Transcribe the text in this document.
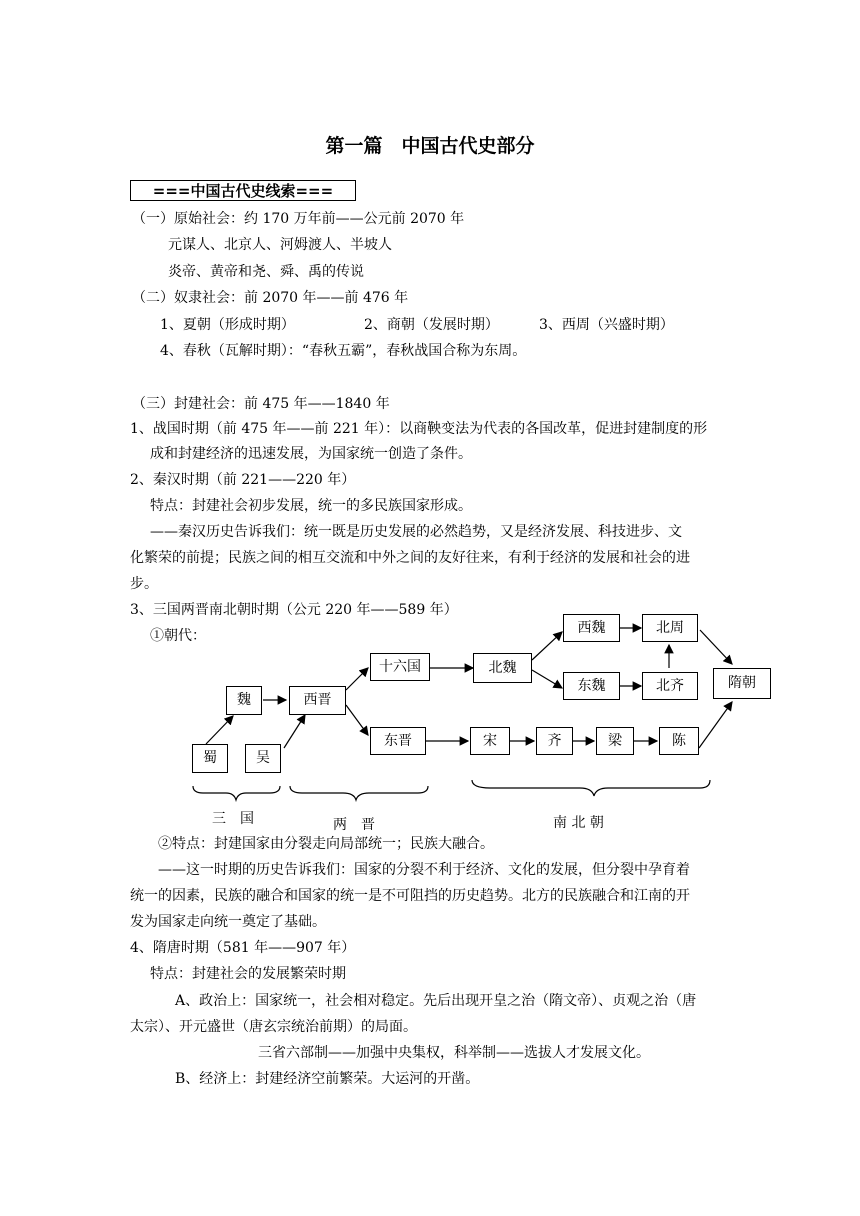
第一篇　中国古代史部分
===中国古代史线索===
（一）原始社会：约 170 万年前——公元前 2070 年
元谋人、北京人、河姆渡人、半坡人
炎帝、黄帝和尧、舜、禹的传说
（二）奴隶社会：前 2070 年——前 476 年
1、夏朝（形成时期）	2、商朝（发展时期）	3、西周（兴盛时期）
4、春秋（瓦解时期）：“春秋五霸”，春秋战国合称为东周。
（三）封建社会：前 475 年——1840 年
1、战国时期（前 475 年——前 221 年）：以商鞅变法为代表的各国改革，促进封建制度的形
成和封建经济的迅速发展，为国家统一创造了条件。
2、秦汉时期（前 221——220 年）
特点：封建社会初步发展，统一的多民族国家形成。
——秦汉历史告诉我们：统一既是历史发展的必然趋势，又是经济发展、科技进步、文
化繁荣的前提；民族之间的相互交流和中外之间的友好往来，有利于经济的发展和社会的进
步。
3、三国两晋南北朝时期（公元 220 年——589 年）
①朝代：
魏
蜀	吴
西晋
十六国
东晋
北魏
西魏
东魏
北周
北齐	隋朝
宋	齐	梁	陈
三　国	两　晋	南 北 朝
②特点：封建国家由分裂走向局部统一；民族大融合。
——这一时期的历史告诉我们：国家的分裂不利于经济、文化的发展，但分裂中孕育着
统一的因素，民族的融合和国家的统一是不可阻挡的历史趋势。北方的民族融合和江南的开
发为国家走向统一奠定了基础。
4、隋唐时期（581 年——907 年）
特点：封建社会的发展繁荣时期
A、政治上：国家统一，社会相对稳定。先后出现开皇之治（隋文帝）、贞观之治（唐
太宗）、开元盛世（唐玄宗统治前期）的局面。
三省六部制——加强中央集权，科举制——选拔人才发展文化。
B、经济上：封建经济空前繁荣。大运河的开凿。
